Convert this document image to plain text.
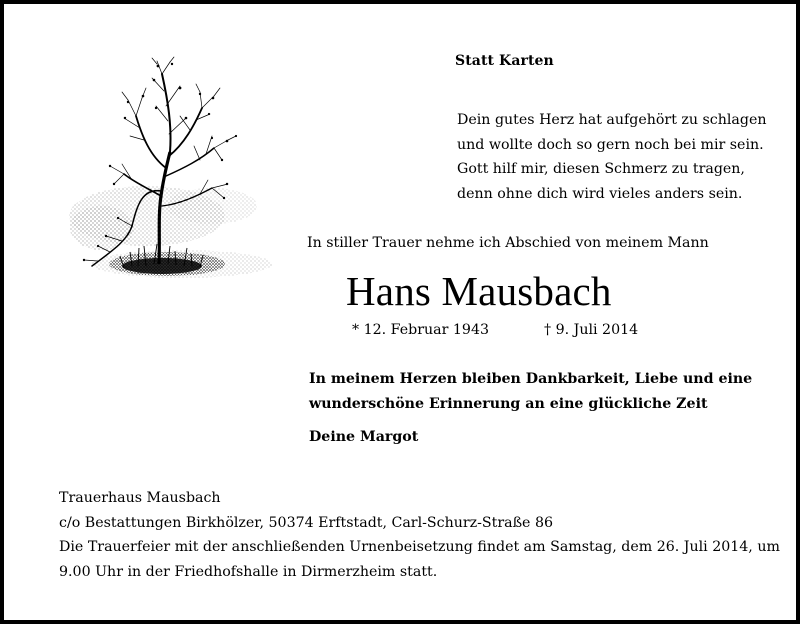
Statt Karten
Dein gutes Herz hat aufgehört zu schlagen
und wollte doch so gern noch bei mir sein.
Gott hilf mir, diesen Schmerz zu tragen,
denn ohne dich wird vieles anders sein.
In stiller Trauer nehme ich Abschied von meinem Mann
Hans Mausbach
* 12. Februar 1943	† 9. Juli 2014
In meinem Herzen bleiben Dankbarkeit, Liebe und eine
wunderschöne Erinnerung an eine glückliche Zeit
Deine Margot
Trauerhaus Mausbach
c/o Bestattungen Birkhölzer, 50374 Erftstadt, Carl-Schurz-Straße 86
Die Trauerfeier mit der anschließenden Urnenbeisetzung findet am Samstag, dem 26. Juli 2014, um
9.00 Uhr in der Friedhofshalle in Dirmerzheim statt.
